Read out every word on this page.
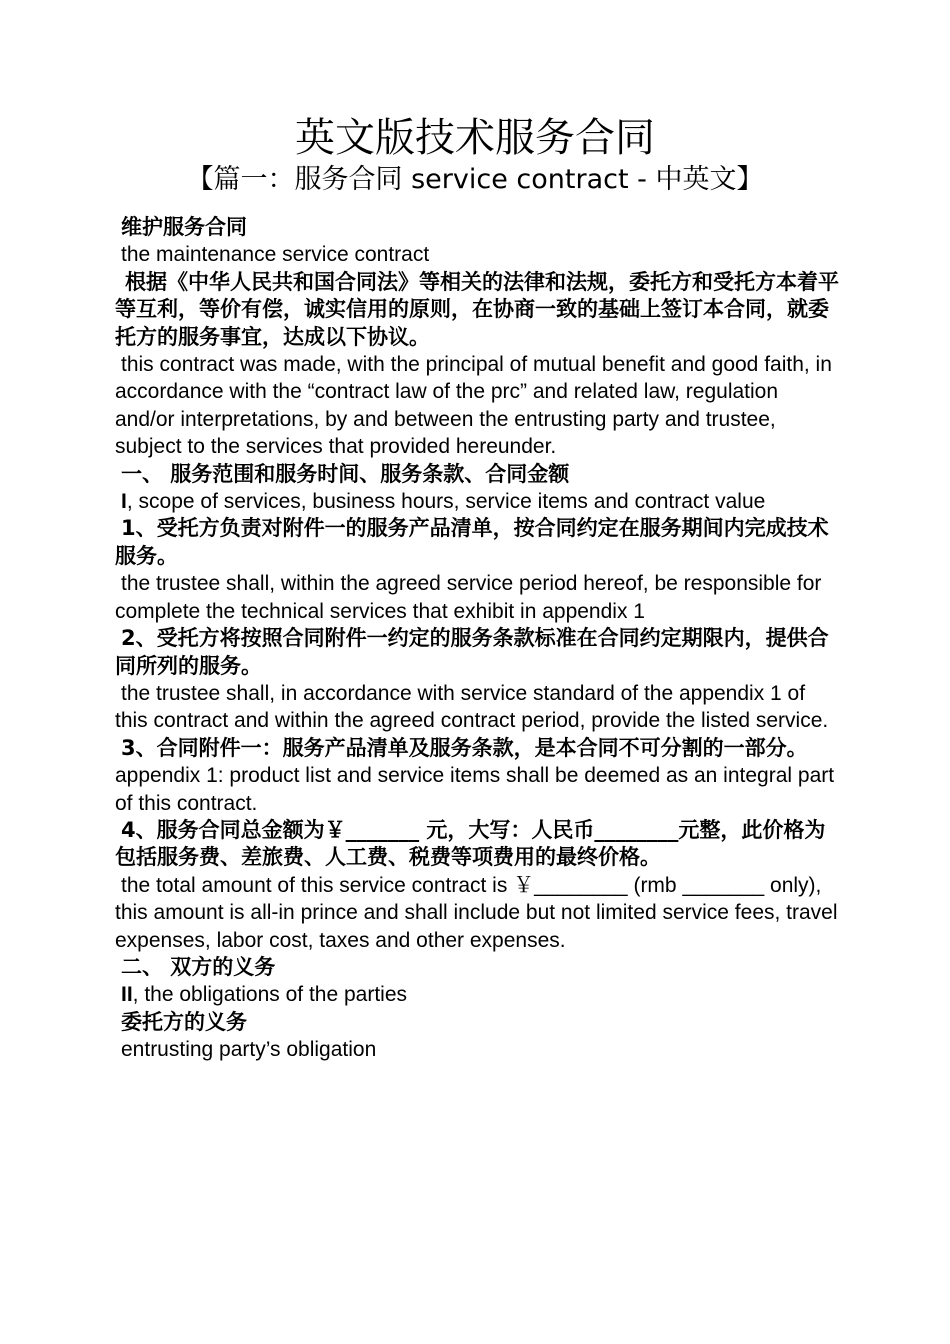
英文版技术服务合同
【篇一：服务合同 service contract - 中英文】

维护服务合同

the maintenance service contract

根据《中华人民共和国合同法》等相关的法律和法规，委托方和受托方本着平等互利，等价有偿，诚实信用的原则，在协商一致的基础上签订本合同，就委托方的服务事宜，达成以下协议。

this contract was made, with the principal of mutual benefit and good faith, in accordance with the “contract law of the prc” and related law, regulation and/or interpretations, by and between the entrusting party and trustee, subject to the services that provided hereunder.

一、 服务范围和服务时间、服务条款、合同金额

I, scope of services, business hours, service items and contract value

1、受托方负责对附件一的服务产品清单，按合同约定在服务期间内完成技术服务。

the trustee shall, within the agreed service period hereof, be responsible for complete the technical services that exhibit in appendix 1

2、受托方将按照合同附件一约定的服务条款标准在合同约定期限内，提供合同所列的服务。

the trustee shall, in accordance with service standard of the appendix 1 of this contract and within the agreed contract period, provide the listed service.

3、合同附件一：服务产品清单及服务条款，是本合同不可分割的一部分。 appendix 1: product list and service items shall be deemed as an integral part of this contract.

4、服务合同总金额为￥_______ 元，大写：人民币________元整，此价格为包括服务费、差旅费、人工费、税费等项费用的最终价格。

the total amount of this service contract is ￥________ (rmb _______ only), this amount is all-in prince and shall include but not limited service fees, travel expenses, labor cost, taxes and other expenses.

二、 双方的义务

II, the obligations of the parties

委托方的义务

entrusting party’s obligation
